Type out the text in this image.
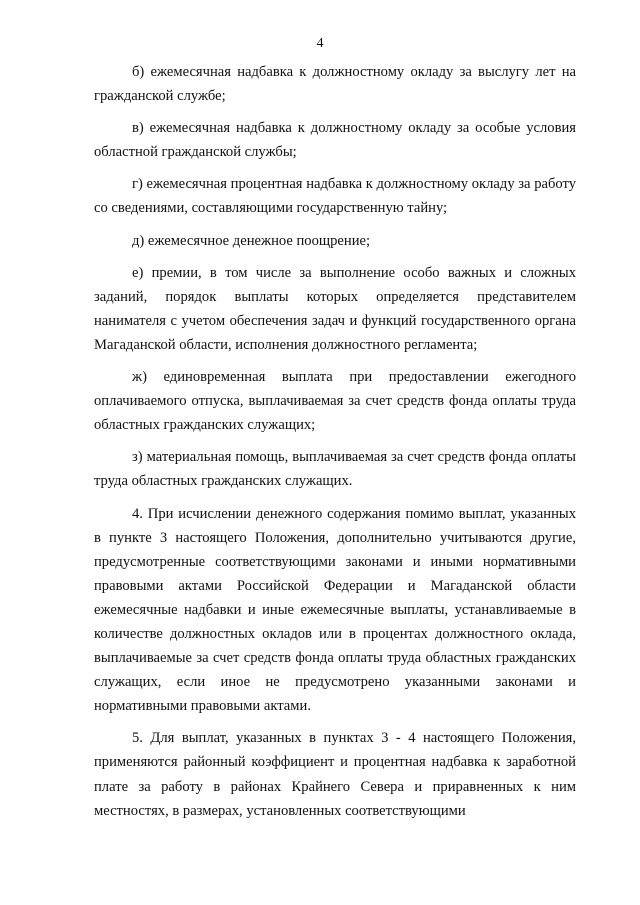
4

б) ежемесячная надбавка к должностному окладу за выслугу лет на гражданской службе;

в) ежемесячная надбавка к должностному окладу за особые условия областной гражданской службы;

г) ежемесячная процентная надбавка к должностному окладу за работу со сведениями, составляющими государственную тайну;

д) ежемесячное денежное поощрение;

е) премии, в том числе за выполнение особо важных и сложных заданий, порядок выплаты которых определяется представителем нанимателя с учетом обеспечения задач и функций государственного органа Магаданской области, исполнения должностного регламента;

ж) единовременная выплата при предоставлении ежегодного оплачиваемого отпуска, выплачиваемая за счет средств фонда оплаты труда областных гражданских служащих;

з) материальная помощь, выплачиваемая за счет средств фонда оплаты труда областных гражданских служащих.

4. При исчислении денежного содержания помимо выплат, указанных в пункте 3 настоящего Положения, дополнительно учитываются другие, предусмотренные соответствующими законами и иными нормативными правовыми актами Российской Федерации и Магаданской области ежемесячные надбавки и иные ежемесячные выплаты, устанавливаемые в количестве должностных окладов или в процентах должностного оклада, выплачиваемые за счет средств фонда оплаты труда областных гражданских служащих, если иное не предусмотрено указанными законами и нормативными правовыми актами.

5. Для выплат, указанных в пунктах 3 - 4 настоящего Положения, применяются районный коэффициент и процентная надбавка к заработной плате за работу в районах Крайнего Севера и приравненных к ним местностях, в размерах, установленных соответствующими
